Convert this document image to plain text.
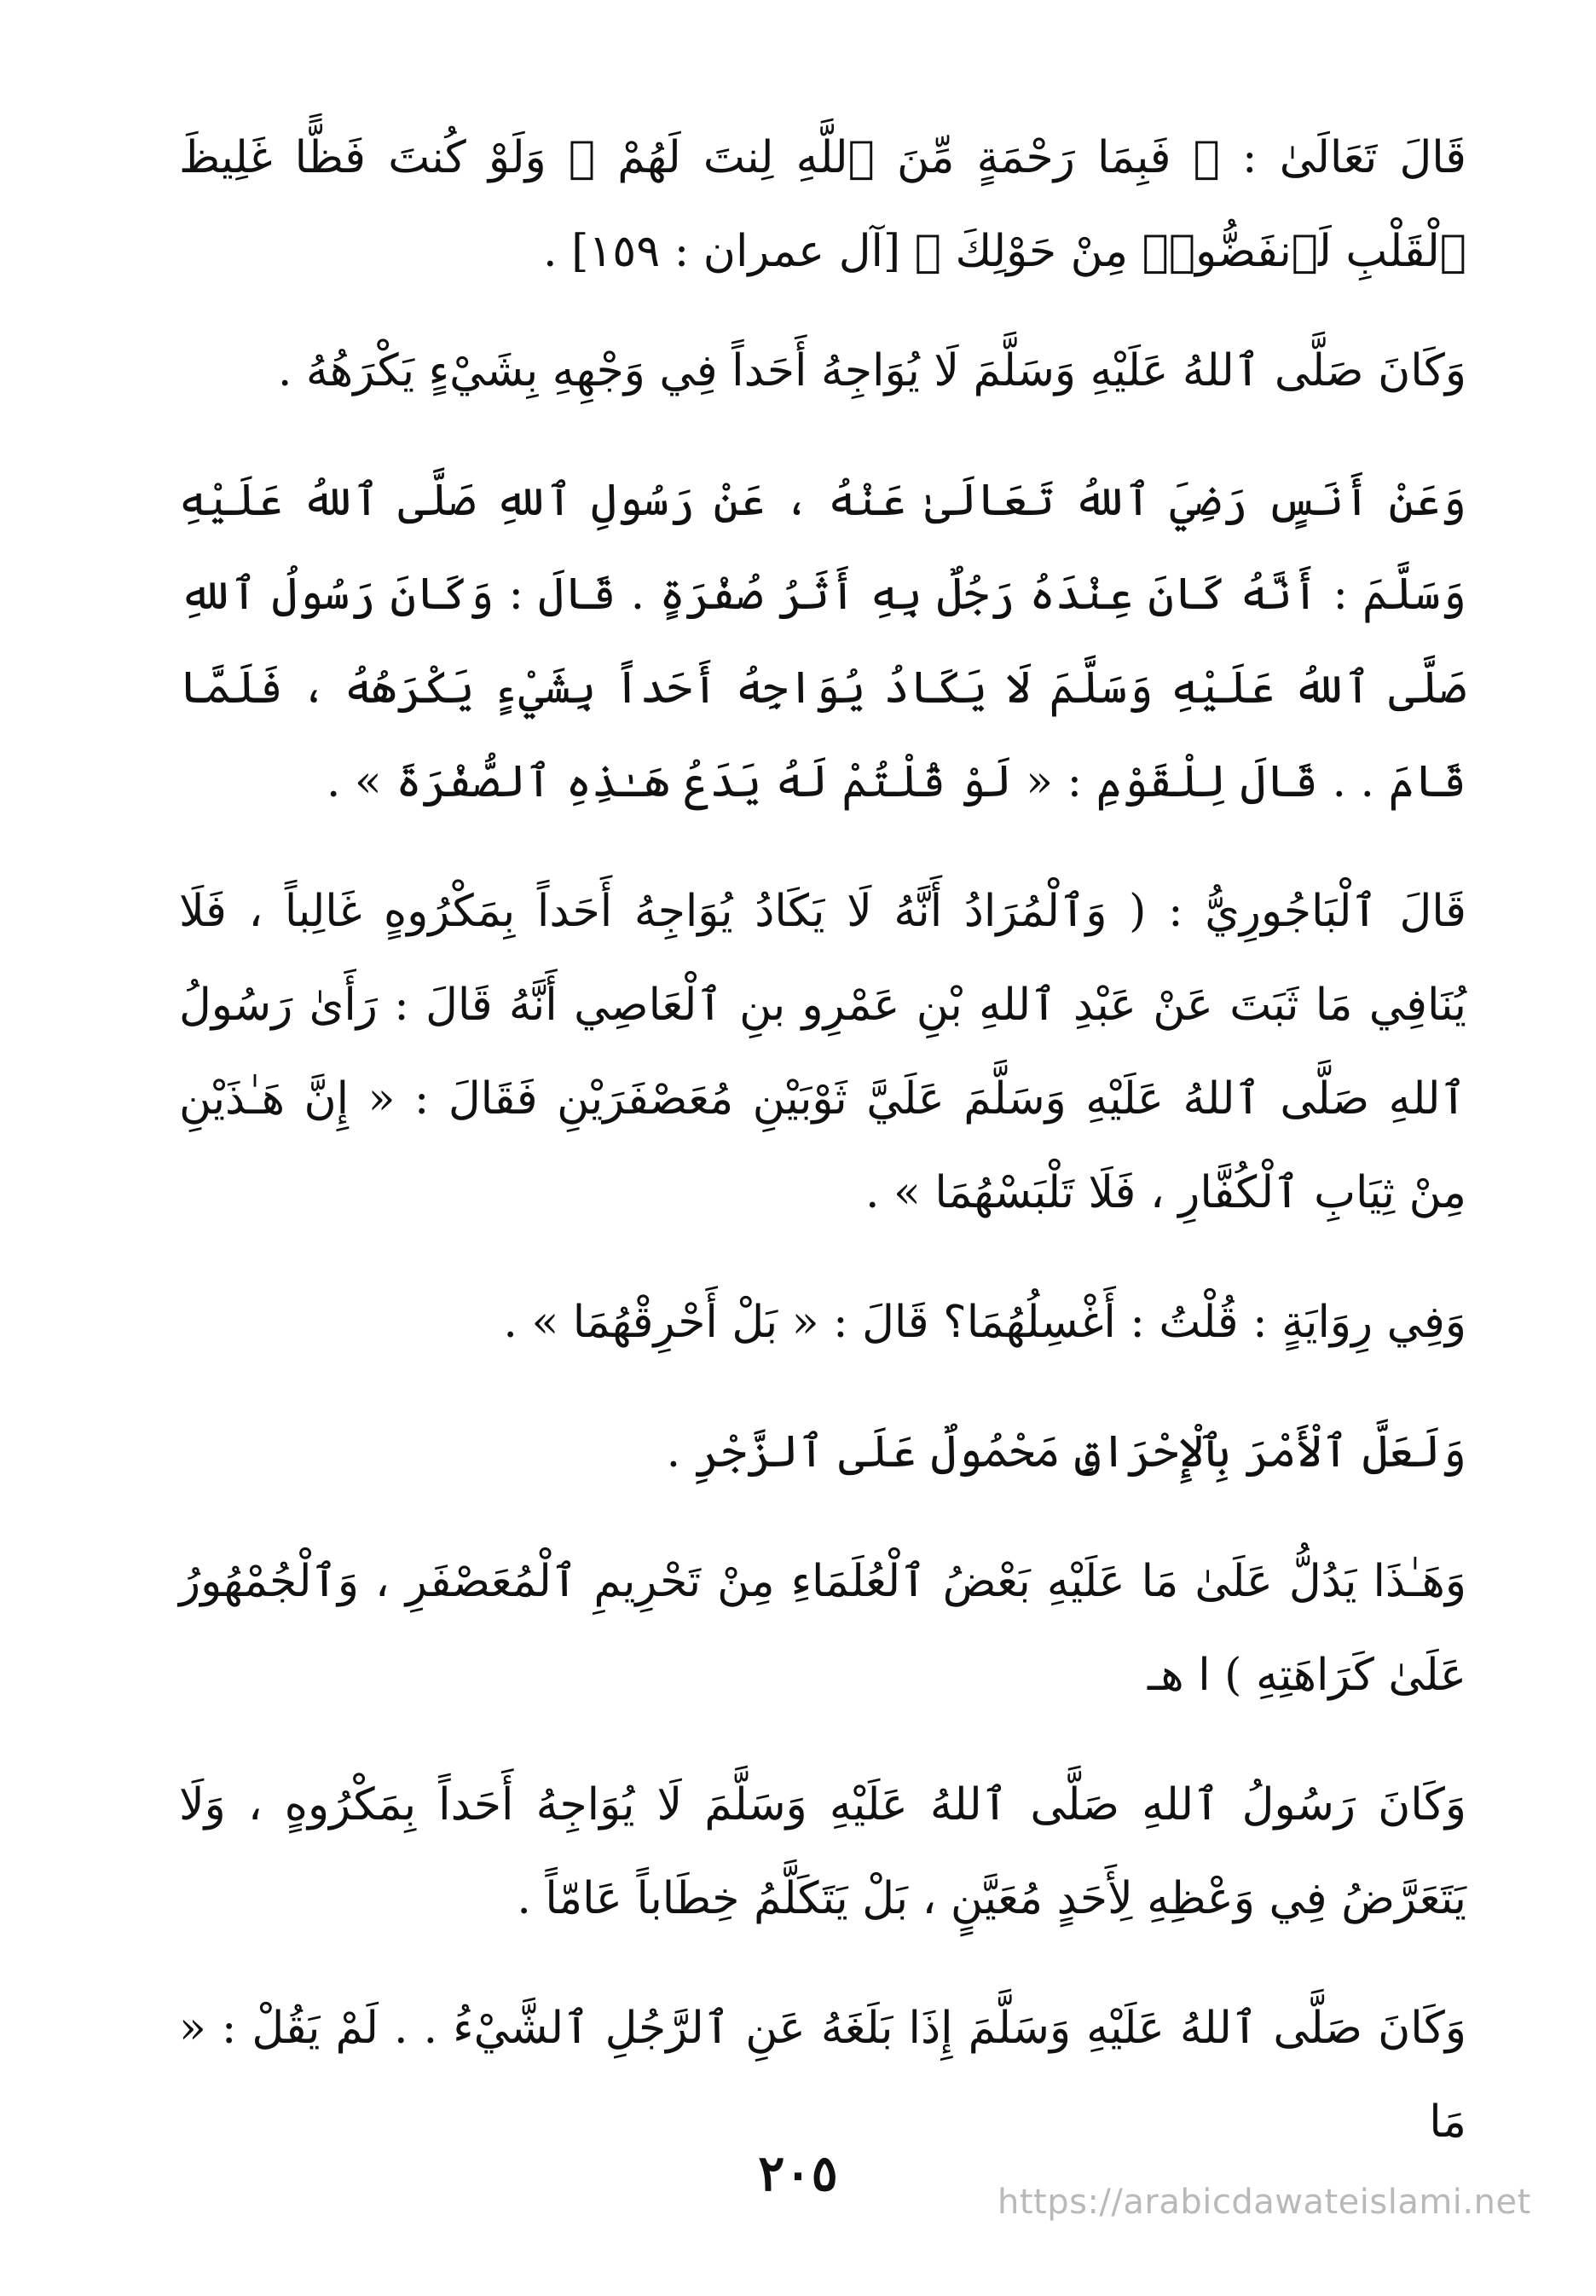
قَالَ تَعَالَىٰ : ﴿ فَبِمَا رَحْمَةٍ مِّنَ ٱللَّهِ لِنتَ لَهُمْ ۖ وَلَوْ كُنتَ فَظًّا غَلِيظَ ٱلْقَلْبِ لَٱنفَضُّوا۟ مِنْ حَوْلِكَ ﴾ [آل عمران : ١٥٩] .

وَكَانَ صَلَّى ٱللهُ عَلَيْهِ وَسَلَّمَ لَا يُوَاجِهُ أَحَداً فِي وَجْهِهِ بِشَيْءٍ يَكْرَهُهُ .

وَعَنْ أَنَسٍ رَضِيَ ٱللهُ تَعَالَىٰ عَنْهُ ، عَنْ رَسُولِ ٱللهِ صَلَّى ٱللهُ عَلَيْهِ وَسَلَّمَ : أَنَّهُ كَانَ عِنْدَهُ رَجُلٌ بِهِ أَثَرُ صُفْرَةٍ . قَالَ : وَكَانَ رَسُولُ ٱللهِ صَلَّى ٱللهُ عَلَيْهِ وَسَلَّمَ لَا يَكَادُ يُوَاجِهُ أَحَداً بِشَيْءٍ يَكْرَهُهُ ، فَلَمَّا قَامَ . . قَالَ لِلْقَوْمِ : « لَوْ قُلْتُمْ لَهُ يَدَعُ هَـٰذِهِ ٱلصُّفْرَةَ » .

قَالَ ٱلْبَاجُورِيُّ : ( وَٱلْمُرَادُ أَنَّهُ لَا يَكَادُ يُوَاجِهُ أَحَداً بِمَكْرُوهٍ غَالِباً ، فَلَا يُنَافِي مَا ثَبَتَ عَنْ عَبْدِ ٱللهِ بْنِ عَمْرِو بنِ ٱلْعَاصِي أَنَّهُ قَالَ : رَأَىٰ رَسُولُ ٱللهِ صَلَّى ٱللهُ عَلَيْهِ وَسَلَّمَ عَلَيَّ ثَوْبَيْنِ مُعَصْفَرَيْنِ فَقَالَ : « إِنَّ هَـٰذَيْنِ مِنْ ثِيَابِ ٱلْكُفَّارِ ، فَلَا تَلْبَسْهُمَا » .

وَفِي رِوَايَةٍ : قُلْتُ : أَغْسِلُهُمَا؟ قَالَ : « بَلْ أَحْرِقْهُمَا » .

وَلَعَلَّ ٱلْأَمْرَ بِٱلْإِحْرَاقِ مَحْمُولٌ عَلَى ٱلزَّجْرِ .

وَهَـٰذَا يَدُلُّ عَلَىٰ مَا عَلَيْهِ بَعْضُ ٱلْعُلَمَاءِ مِنْ تَحْرِيمِ ٱلْمُعَصْفَرِ ، وَٱلْجُمْهُورُ عَلَىٰ كَرَاهَتِهِ ) ا هـ

وَكَانَ رَسُولُ ٱللهِ صَلَّى ٱللهُ عَلَيْهِ وَسَلَّمَ لَا يُوَاجِهُ أَحَداً بِمَكْرُوهٍ ، وَلَا يَتَعَرَّضُ فِي وَعْظِهِ لِأَحَدٍ مُعَيَّنٍ ، بَلْ يَتَكَلَّمُ خِطَاباً عَامّاً .

وَكَانَ صَلَّى ٱللهُ عَلَيْهِ وَسَلَّمَ إِذَا بَلَغَهُ عَنِ ٱلرَّجُلِ ٱلشَّيْءُ . . لَمْ يَقُلْ : « مَا

٢٠٥	https://arabicdawateislami.net
